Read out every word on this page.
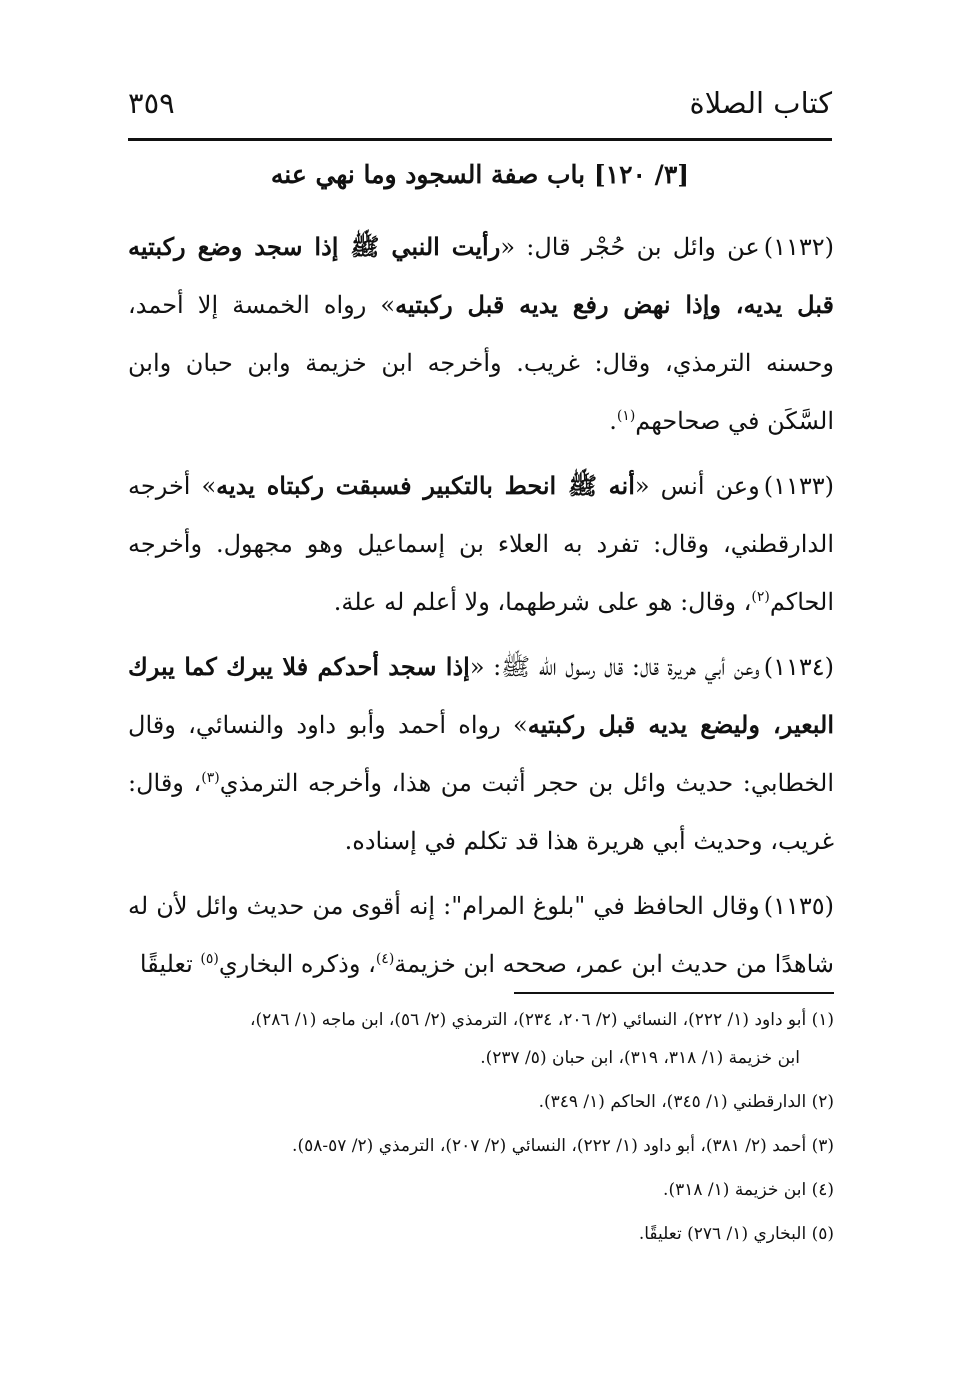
كتاب الصلاة
٣٥٩
[٣/ ١٢٠] باب صفة السجود وما نهي عنه

(١١٣٢)عن وائل بن حُجْر قال: «رأيت النبي ﷺ إذا سجد وضع ركبتيه قبل يديه، وإذا نهض رفع يديه قبل ركبتيه» رواه الخمسة إلا أحمد، وحسنه الترمذي، وقال: غريب. وأخرجه ابن خزيمة وابن حبان وابن السَّكَن في صحاحهم$^{(١)}$.

(١١٣٣)وعن أنس «أنه ﷺ انحط بالتكبير فسبقت ركبتاه يديه» أخرجه الدارقطني، وقال: تفرد به العلاء بن إسماعيل وهو مجهول. وأخرجه الحاكم$^{(٢)}$، وقال: هو على شرطهما، ولا أعلم له علة.

(١١٣٤)وعن أبي هريرة قال: قال رسول الله ﷺ: «إذا سجد أحدكم فلا يبرك كما يبرك البعير، وليضع يديه قبل ركبتيه» رواه أحمد وأبو داود والنسائي، وقال الخطابي: حديث وائل بن حجر أثبت من هذا، وأخرجه الترمذي$^{(٣)}$، وقال: غريب، وحديث أبي هريرة هذا قد تكلم في إسناده.

(١١٣٥)وقال الحافظ في "بلوغ المرام": إنه أقوى من حديث وائل لأن له شاهدًا من حديث ابن عمر، صححه ابن خزيمة$^{(٤)}$، وذكره البخاري$^{(٥)}$ تعليقًا

(١) أبو داود (١/ ٢٢٢)، النسائي (٢/ ٢٠٦، ٢٣٤)، الترمذي (٢/ ٥٦)، ابن ماجه (١/ ٢٨٦)،
ابن خزيمة (١/ ٣١٨، ٣١٩)، ابن حبان (٥/ ٢٣٧).
(٢) الدارقطني (١/ ٣٤٥)، الحاكم (١/ ٣٤٩).
(٣) أحمد (٢/ ٣٨١)، أبو داود (١/ ٢٢٢)، النسائي (٢/ ٢٠٧)، الترمذي (٢/ ٥٧-٥٨).
(٤) ابن خزيمة (١/ ٣١٨).
(٥) البخاري (١/ ٢٧٦) تعليقًا.
